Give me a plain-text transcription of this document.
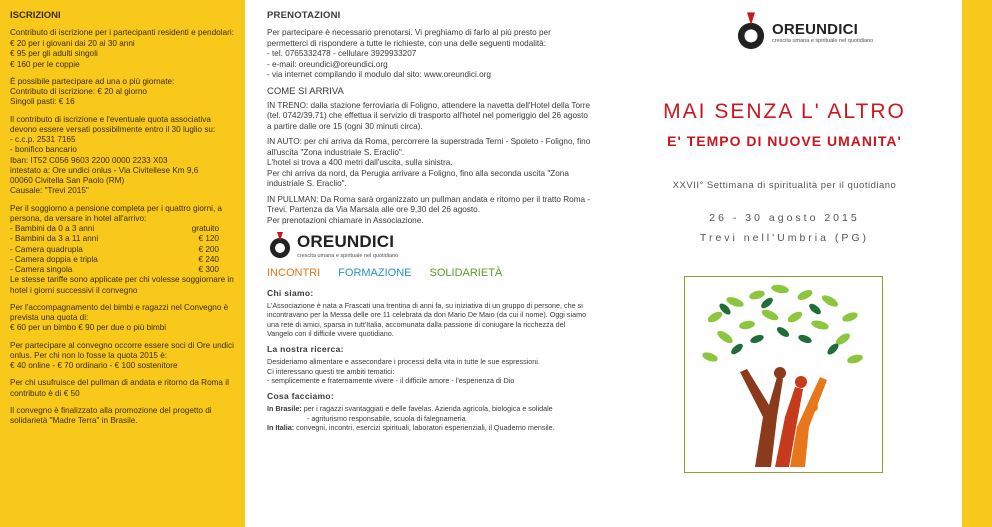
ISCRIZIONI

Contributo di iscrizione per i partecipanti residenti e pendolari:

€ 20 per i giovani dai 20 ai 30 anni
€ 95 per gli adulti singoli
€ 160 per le coppie

È possibile partecipare ad una o più giornate:
Contributo di iscrizione: € 20 al giorno
Singoli pasti: € 16

Il contributo di iscrizione e l'eventuale quota associativa devono essere versati possibilmente entro il 30 luglio su:
- c.c.p. 2531 7165
- bonifico bancario
Iban: IT52 C056 9603 2200 0000 2233 X03
intestato a: Ore undici onlus - Via Civitellese Km 9,6
00060 Civitella San Paolo (RM)
Causale: "Trevi 2015"

Per il soggiorno a pensione completa per i quattro giorni, a persona, da versare in hotel all'arrivo:

- Bambini da 0 a 3 anni	gratuito
- Bambini da 3 a 11 anni	€ 120
- Camera quadrupla	€ 200
- Camera doppia e tripla	€ 240
- Camera singola	€ 300

Le stesse tariffe sono applicate per chi volesse soggiornare in hotel i giorni successivi il convegno

Per l'accompagnamento dei bimbi e ragazzi nel Convegno è prevista una quota di:
€ 60 per un bimbo € 90 per due o più bimbi

Per partecipare al convegno occorre essere soci di Ore undici onlus. Per chi non lo fosse la quota 2015 è:
€ 40 online - € 70 ordinario - € 100 sostenitore

Per chi usufruisce del pullman di andata e ritorno da Roma il contributo è di € 50

Il convegno è finalizzato alla promozione del progetto di solidarietà "Madre Terra" in Brasile.

PRENOTAZIONI

Per partecipare è necessario prenotarsi. Vi preghiamo di farlo al più presto per permetterci di rispondere a tutte le richieste, con una delle seguenti modalità:
- tel. 0765332478 - cellulare 3929933207
- e-mail: oreundici@oreundici.org
- via internet compilando il modulo dal sito: www.oreundici.org

COME SI ARRIVA

IN TRENO: dalla stazione ferroviaria di Foligno, attendere la navetta dell'Hotel della Torre (tel. 0742/39.71) che effettua il servizio di trasporto all'hotel nel pomeriggio del 26 agosto a partire dalle ore 15 (ogni 30 minuti circa).

IN AUTO: per chi arriva da Roma, percorrere la superstrada Terni - Spoleto - Foligno, fino all'uscita "Zona industriale S. Eraclio".
L'hotel si trova a 400 metri dall'uscita, sulla sinistra.
Per chi arriva da nord, da Perugia arrivare a Foligno, fino alla seconda uscita "Zona industriale S. Eraclio".

IN PULLMAN: Da Roma sarà organizzato un pullman andata e ritorno per il tratto Roma -Trevi. Partenza da Via Marsala alle ore 9,30 del 26 agosto.
Per prenotazioni chiamare in Associazione.

OREUNDICI
crescita umana e spirituale nel quotidiano
INCONTRI FORMAZIONE SOLIDARIETÀ
Chi siamo:
L'Associazione è nata a Frascati una trentina di anni fa, su iniziativa di un gruppo di persone, che si incontravano per la Messa delle ore 11 celebrata da don Mario De Maio (da cui il nome). Oggi siamo una rete di amici, sparsa in tutt'Italia, accomunata dalla passione di coniugare la ricchezza del Vangelo con il difficile vivere quotidiano.
La nostra ricerca:
Desideriamo alimentare e assecondare i processi della vita in tutte le sue espressioni.
Ci interessano questi tre ambiti tematici:
- semplicemente e fraternamente vivere - il difficile amore - l'esperienza di Dio
Cosa facciamo:
In Brasile: per i ragazzi svantaggiati e delle favelas. Azienda agricola, biologica e solidale
- agriturismo responsabile, scuola di falegnameria
In Italia: convegni, incontri, esercizi spirituali, laboratori esperienziali, il Quaderno mensile.
OREUNDICI
crescita umana e spirituale nel quotidiano
MAI SENZA L' ALTRO
E' TEMPO DI NUOVE UMANITA'
XXVII° Settimana di spiritualità per il quotidiano
26 - 30 agosto 2015
Trevi nell'Umbria (PG)
